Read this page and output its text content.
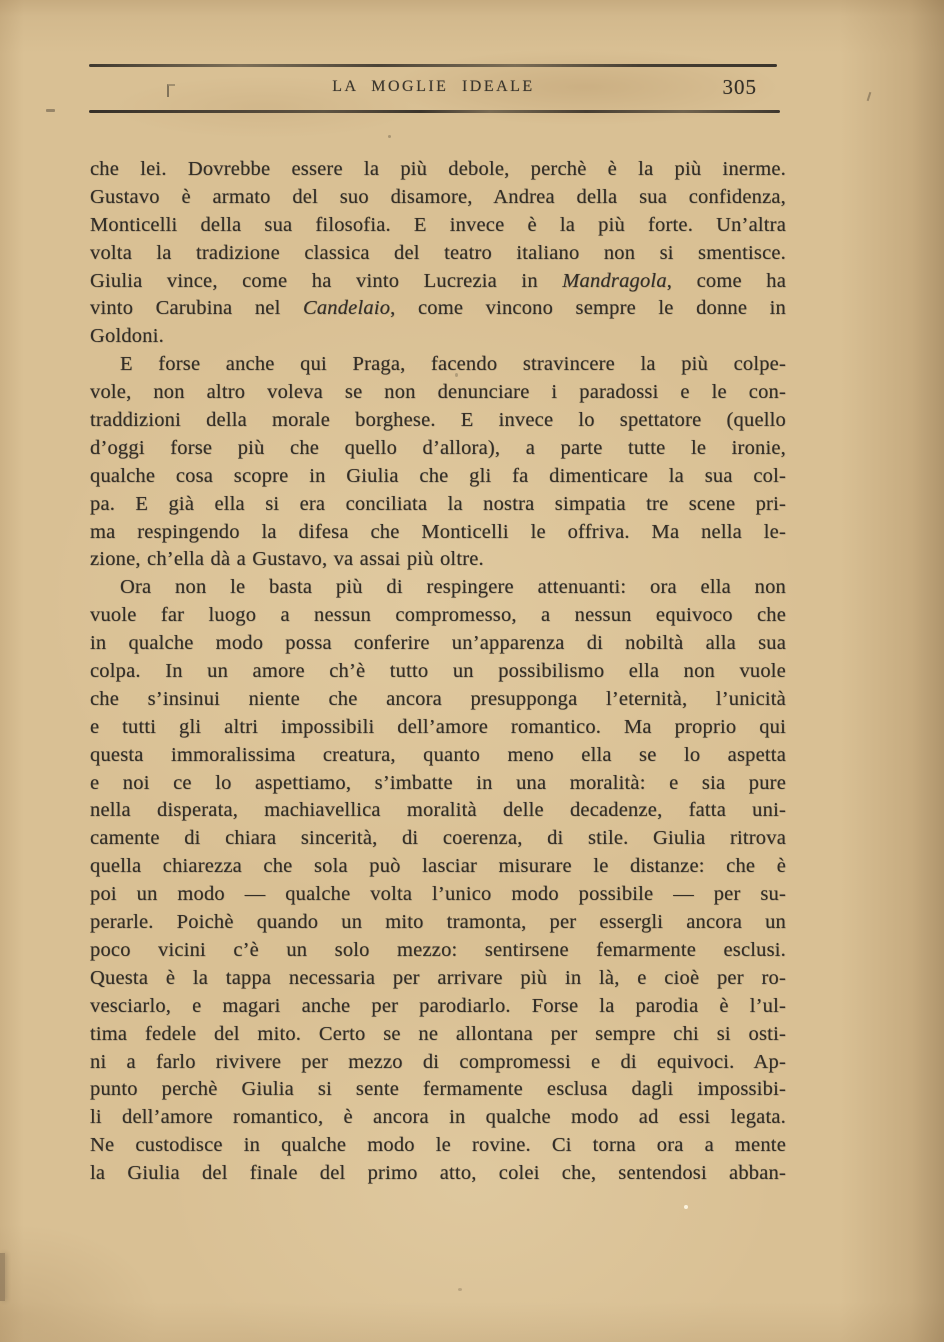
LA MOGLIE IDEALE	305
che lei. Dovrebbe essere la più debole, perchè è la più inerme.
Gustavo è armato del suo disamore, Andrea della sua confidenza,
Monticelli della sua filosofia. E invece è la più forte. Un’altra
volta la tradizione classica del teatro italiano non si smentisce.
Giulia vince, come ha vinto Lucrezia in Mandragola, come ha
vinto Carubina nel Candelaio, come vincono sempre le donne in
Goldoni.
E forse anche qui Praga, facendo stravincere la più colpe-
vole, non altro voleva se non denunciare i paradossi e le con-
traddizioni della morale borghese. E invece lo spettatore (quello
d’oggi forse più che quello d’allora), a parte tutte le ironie,
qualche cosa scopre in Giulia che gli fa dimenticare la sua col-
pa. E già ella si era conciliata la nostra simpatia tre scene pri-
ma respingendo la difesa che Monticelli le offriva. Ma nella le-
zione, ch’ella dà a Gustavo, va assai più oltre.
Ora non le basta più di respingere attenuanti: ora ella non
vuole far luogo a nessun compromesso, a nessun equivoco che
in qualche modo possa conferire un’apparenza di nobiltà alla sua
colpa. In un amore ch’è tutto un possibilismo ella non vuole
che s’insinui niente che ancora presupponga l’eternità, l’unicità
e tutti gli altri impossibili dell’amore romantico. Ma proprio qui
questa immoralissima creatura, quanto meno ella se lo aspetta
e noi ce lo aspettiamo, s’imbatte in una moralità: e sia pure
nella disperata, machiavellica moralità delle decadenze, fatta uni-
camente di chiara sincerità, di coerenza, di stile. Giulia ritrova
quella chiarezza che sola può lasciar misurare le distanze: che è
poi un modo — qualche volta l’unico modo possibile — per su-
perarle. Poichè quando un mito tramonta, per essergli ancora un
poco vicini c’è un solo mezzo: sentirsene femarmente esclusi.
Questa è la tappa necessaria per arrivare più in là, e cioè per ro-
vesciarlo, e magari anche per parodiarlo. Forse la parodia è l’ul-
tima fedele del mito. Certo se ne allontana per sempre chi si osti-
ni a farlo rivivere per mezzo di compromessi e di equivoci. Ap-
punto perchè Giulia si sente fermamente esclusa dagli impossibi-
li dell’amore romantico, è ancora in qualche modo ad essi legata.
Ne custodisce in qualche modo le rovine. Ci torna ora a mente
la Giulia del finale del primo atto, colei che, sentendosi abban-
